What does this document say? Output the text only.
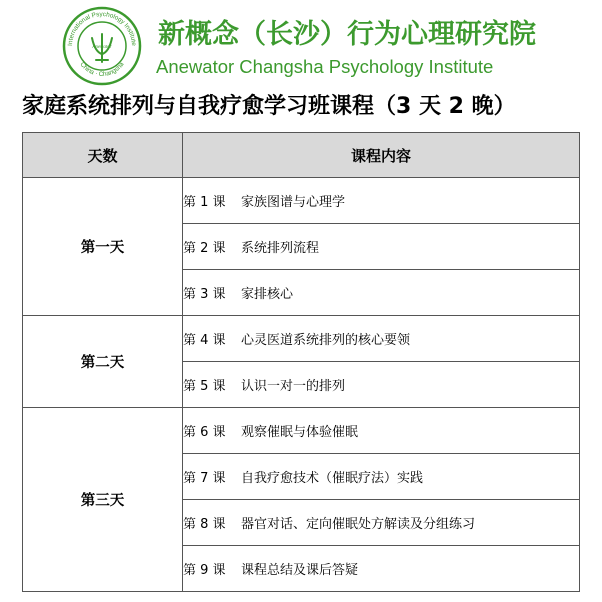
International Psychology Institute
China · Changsha
Anewator 新概念（长沙）行为心理研究院
Anewator Changsha Psychology Institute
家庭系统排列与自我疗愈学习班课程（3 天 2 晚）
天数	课程内容
第一天	第 1 课 家族图谱与心理学
	第 2 课 系统排列流程
	第 3 课 家排核心
第二天	第 4 课 心灵医道系统排列的核心要领
	第 5 课 认识一对一的排列
第三天	第 6 课 观察催眠与体验催眠
	第 7 课 自我疗愈技术（催眠疗法）实践
	第 8 课 器官对话、定向催眠处方解读及分组练习
	第 9 课 课程总结及课后答疑
